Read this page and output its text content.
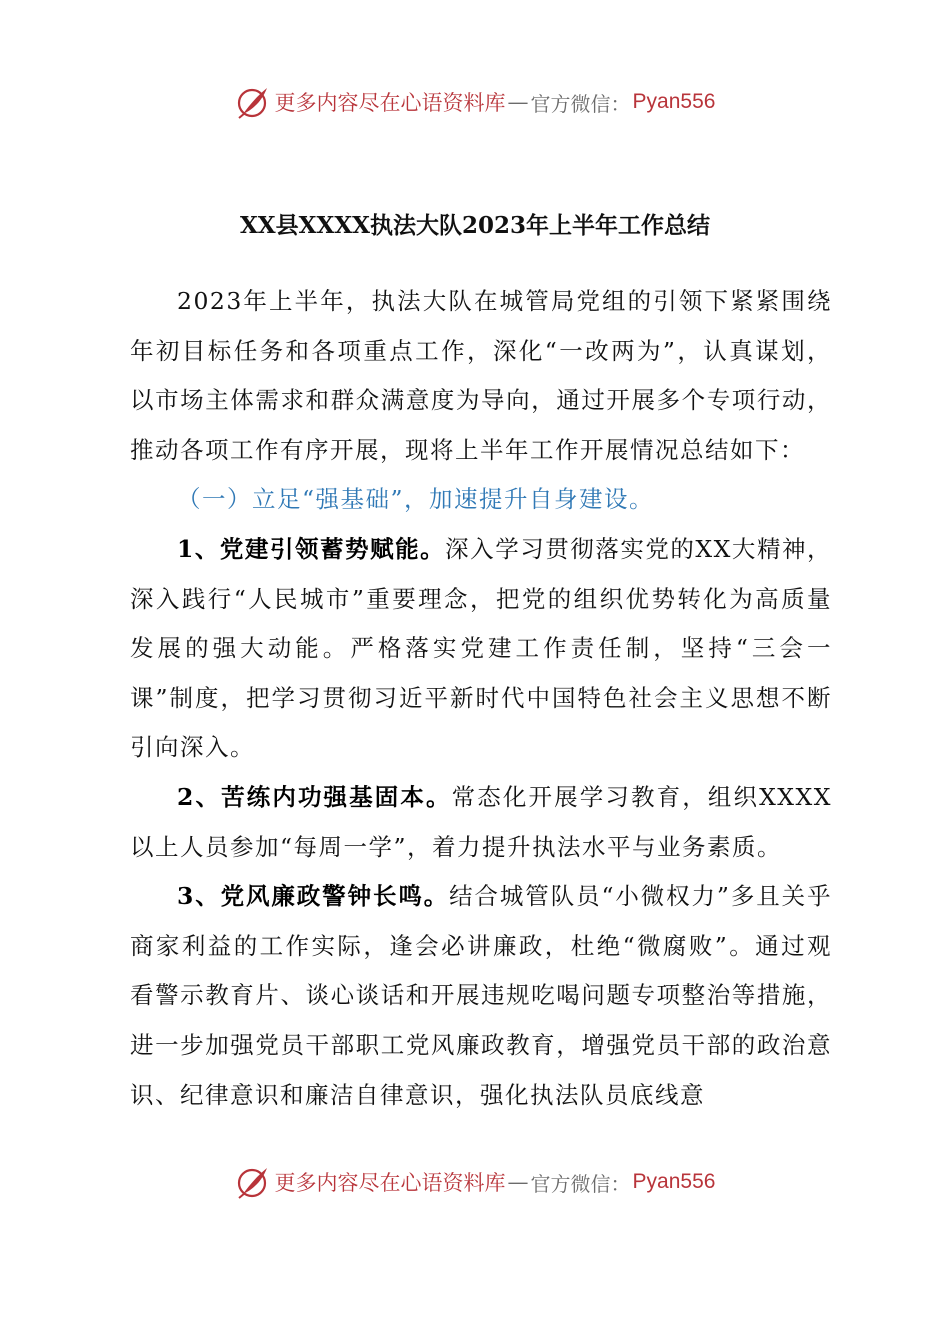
更多内容尽在心语资料库 — 官方微信： Pyan556
XX县XXXX执法大队2023年上半年工作总结

2023年上半年，执法大队在城管局党组的引领下紧紧围绕年初目标任务和各项重点工作，深化“一改两为”，认真谋划，以市场主体需求和群众满意度为导向，通过开展多个专项行动，推动各项工作有序开展，现将上半年工作开展情况总结如下：

（一）立足“强基础”，加速提升自身建设。

1、党建引领蓄势赋能。深入学习贯彻落实党的XX大精神，深入践行“人民城市”重要理念，把党的组织优势转化为高质量发展的强大动能。严格落实党建工作责任制，坚持“三会一课”制度，把学习贯彻习近平新时代中国特色社会主义思想不断引向深入。

2、苦练内功强基固本。常态化开展学习教育，组织XXXX以上人员参加“每周一学”，着力提升执法水平与业务素质。

3、党风廉政警钟长鸣。结合城管队员“小微权力”多且关乎商家利益的工作实际，逢会必讲廉政，杜绝“微腐败”。通过观看警示教育片、谈心谈话和开展违规吃喝问题专项整治等措施，进一步加强党员干部职工党风廉政教育，增强党员干部的政治意识、纪律意识和廉洁自律意识，强化执法队员底线意

更多内容尽在心语资料库 — 官方微信： Pyan556
